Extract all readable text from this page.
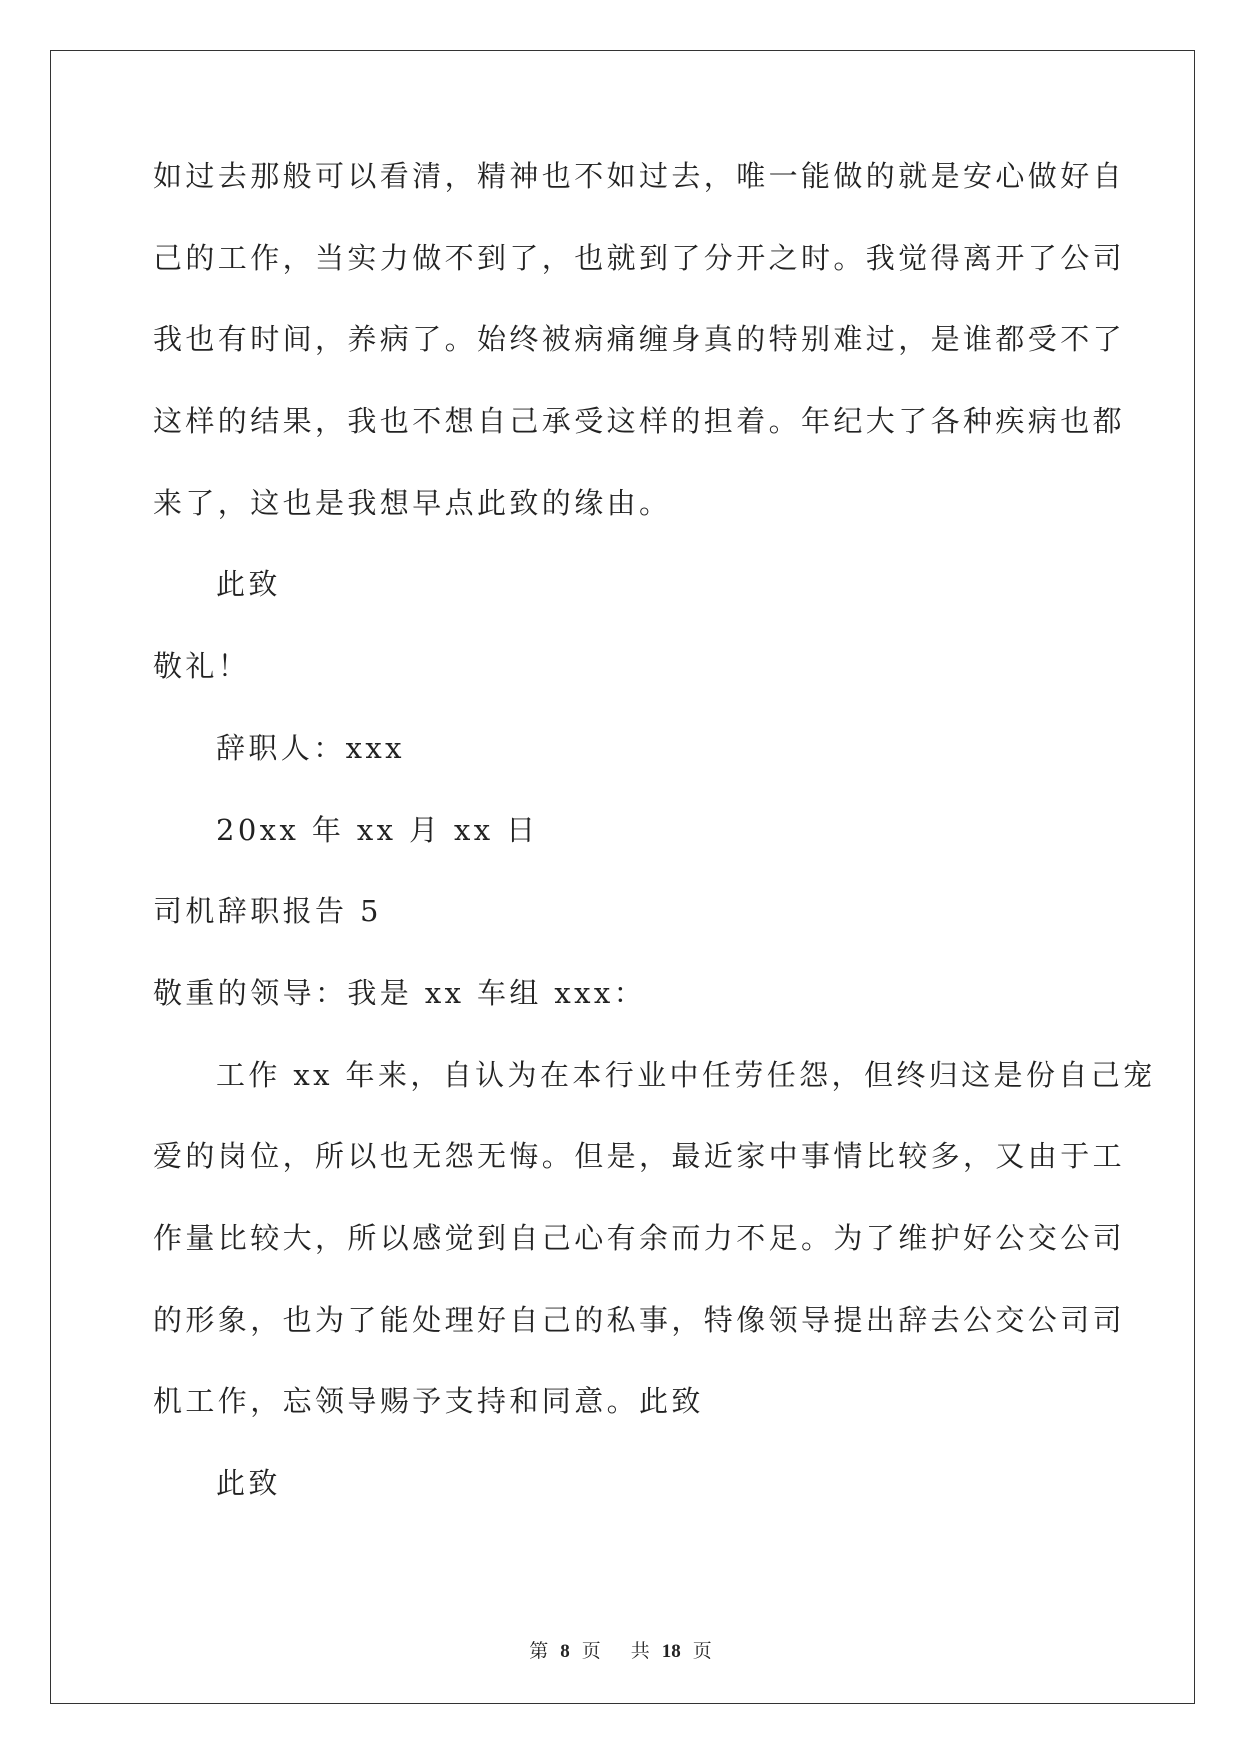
如过去那般可以看清，精神也不如过去，唯一能做的就是安心做好自
己的工作，当实力做不到了，也就到了分开之时。我觉得离开了公司
我也有时间，养病了。始终被病痛缠身真的特别难过，是谁都受不了
这样的结果，我也不想自己承受这样的担着。年纪大了各种疾病也都
来了，这也是我想早点此致的缘由。
此致
敬礼！
辞职人：xxx
20xx 年 xx 月 xx 日
司机辞职报告 5
敬重的领导：我是 xx 车组 xxx：
工作 xx 年来，自认为在本行业中任劳任怨，但终归这是份自己宠
爱的岗位，所以也无怨无悔。但是，最近家中事情比较多，又由于工
作量比较大，所以感觉到自己心有余而力不足。为了维护好公交公司
的形象，也为了能处理好自己的私事，特像领导提出辞去公交公司司
机工作，忘领导赐予支持和同意。此致
此致
第 8 页 共 18 页
